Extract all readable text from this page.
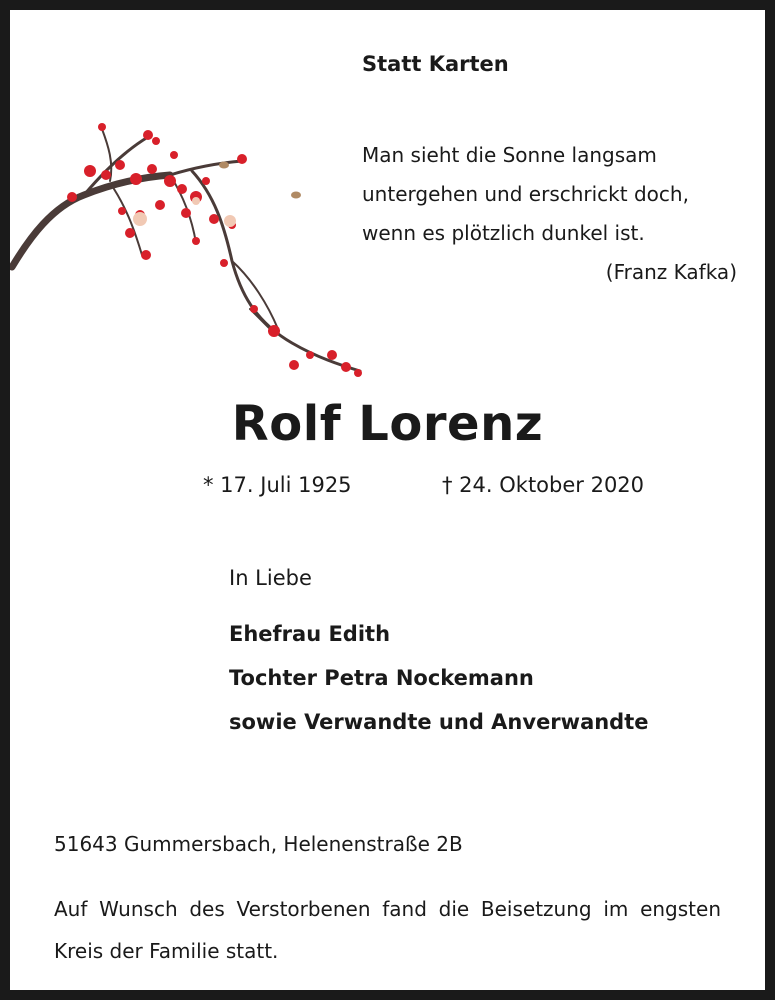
Statt Karten
Man sieht die Sonne langsam
untergehen und erschrickt doch,
wenn es plötzlich dunkel ist.
(Franz Kafka)
Rolf Lorenz
* 17. Juli 1925	† 24. Oktober 2020
In Liebe
Ehefrau Edith
Tochter Petra Nockemann
sowie Verwandte und Anverwandte
51643 Gummersbach, Helenenstraße 2B
Auf Wunsch des Verstorbenen fand die Beisetzung im engsten Kreis der Familie statt.
